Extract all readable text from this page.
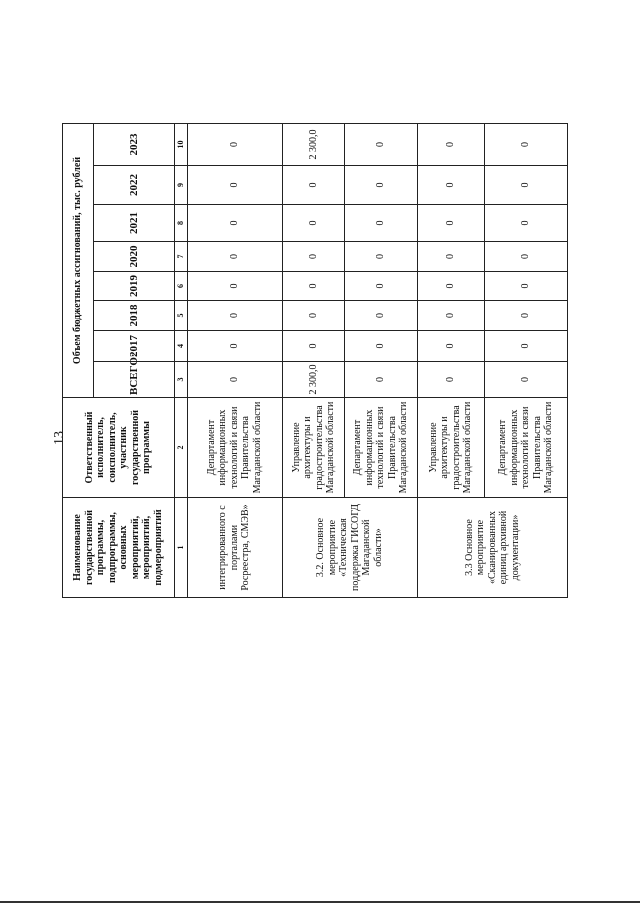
13
Наименование государственной программы, подпрограммы, основных мероприятий, мероприятий, подмероприятий	Ответственный исполнитель, соисполнитель, участник государственной программы	Объем бюджетных ассигнований, тыс. рублей							
		ВСЕГО:	2017	2018	2019	2020	2021	2022	2023
1	2	3	4	5	6	7	8	9	10
интегрированного с порталами Росреестра, СМЭВ»	Департамент информационных технологий и связи Правительства Магаданской области	0	0	0	0	0	0	0	0
3.2. Основное мероприятие «Техническая поддержка ГИСОГД Магаданской области»	Управление архитектуры и градостроительства Магаданской области	2 300,0	0	0	0	0	0	0	2 300,0
	Департамент информационных технологий и связи Правительства Магаданской области	0	0	0	0	0	0	0	0
3.3 Основное мероприятие «Сканированных единиц архивной документации»	Управление архитектуры и градостроительства Магаданской области	0	0	0	0	0	0	0	0
	Департамент информационных технологий и связи Правительства Магаданской области	0	0	0	0	0	0	0	0
